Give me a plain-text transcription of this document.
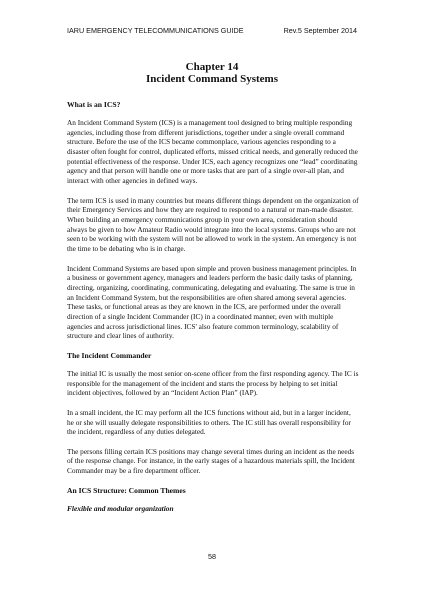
IARU EMERGENCY TELECOMMUNICATIONS GUIDE	Rev.5 September 2014
Chapter 14
Incident Command Systems
What is an ICS?

An Incident Command System (ICS) is a management tool designed to bring multiple responding agencies, including those from different jurisdictions, together under a single overall command structure. Before the use of the ICS became commonplace, various agencies responding to a disaster often fought for control, duplicated efforts, missed critical needs, and generally reduced the potential effectiveness of the response. Under ICS, each agency recognizes one “lead” coordinating agency and that person will handle one or more tasks that are part of a single over-all plan, and interact with other agencies in defined ways.

The term ICS is used in many countries but means different things dependent on the organization of their Emergency Services and how they are required to respond to a natural or man-made disaster. When building an emergency communications group in your own area, consideration should always be given to how Amateur Radio would integrate into the local systems. Groups who are not seen to be working with the system will not be allowed to work in the system. An emergency is not the time to be debating who is in charge.

Incident Command Systems are based upon simple and proven business management principles. In a business or government agency, managers and leaders perform the basic daily tasks of planning, directing, organizing, coordinating, communicating, delegating and evaluating. The same is true in an Incident Command System, but the responsibilities are often shared among several agencies. These tasks, or functional areas as they are known in the ICS, are performed under the overall direction of a single Incident Commander (IC) in a coordinated manner, even with multiple agencies and across jurisdictional lines. ICS' also feature common terminology, scalability of structure and clear lines of authority.

The Incident Commander

The initial IC is usually the most senior on-scene officer from the first responding agency. The IC is responsible for the management of the incident and starts the process by helping to set initial incident objectives, followed by an “Incident Action Plan” (IAP).

In a small incident, the IC may perform all the ICS functions without aid, but in a larger incident, he or she will usually delegate responsibilities to others. The IC still has overall responsibility for the incident, regardless of any duties delegated.

The persons filling certain ICS positions may change several times during an incident as the needs of the response change. For instance, in the early stages of a hazardous materials spill, the Incident Commander may be a fire department officer.

An ICS Structure: Common Themes
Flexible and modular organization
58
